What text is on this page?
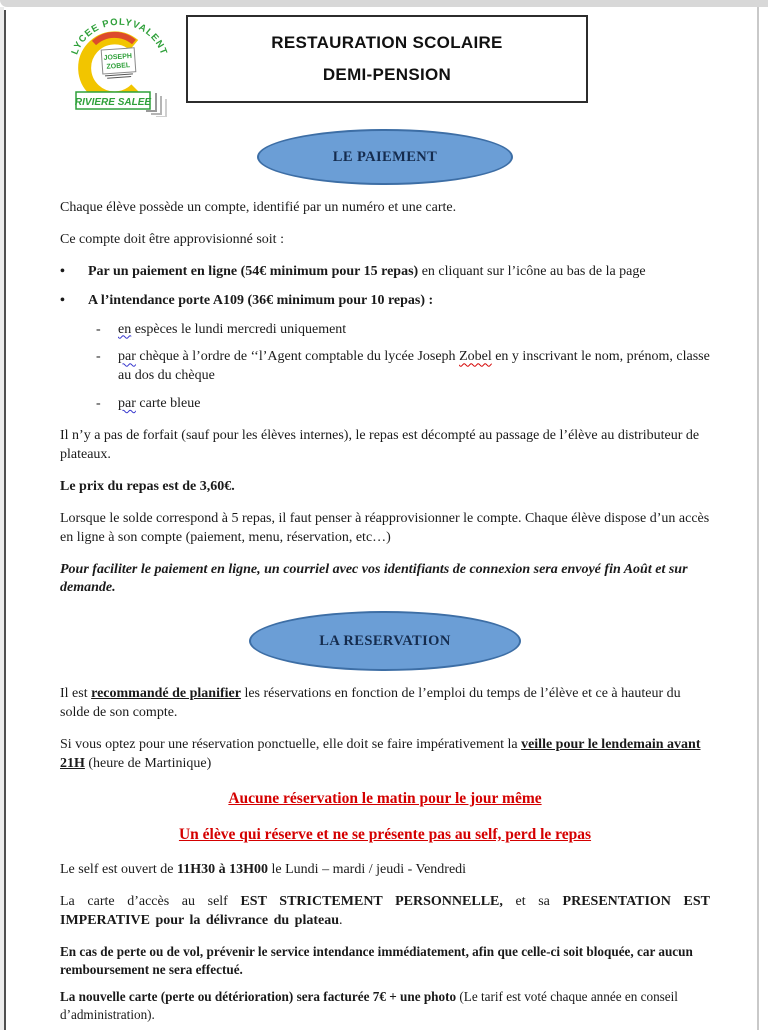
LYCEE POLYVALENT
JOSEPH
ZOBEL
RIVIERE SALEE
RESTAURATION SCOLAIRE
DEMI-PENSION
LE PAIEMENT
Chaque élève possède un compte, identifié par un numéro et une carte.
Ce compte doit être approvisionné soit :
•	Par un paiement en ligne (54€ minimum pour 15 repas) en cliquant sur l’icône au bas de la page
•	A l’intendance porte A109 (36€ minimum pour 10 repas) :
-	en espèces le lundi mercredi uniquement
-	par chèque à l’ordre de ‘‘l’Agent comptable du lycée Joseph Zobel en y inscrivant le nom, prénom, classe au dos du chèque
-	par carte bleue
Il n’y a pas de forfait (sauf pour les élèves internes), le repas est décompté au passage de l’élève au distributeur de plateaux.
Le prix du repas est de 3,60€.
Lorsque le solde correspond à 5 repas, il faut penser à réapprovisionner le compte. Chaque élève dispose d’un accès en ligne à son compte (paiement, menu, réservation, etc…)
Pour faciliter le paiement en ligne, un courriel avec vos identifiants de connexion sera envoyé fin Août et sur demande.
LA RESERVATION
Il est recommandé de planifier les réservations en fonction de l’emploi du temps de l’élève et ce à hauteur du solde de son compte.
Si vous optez pour une réservation ponctuelle, elle doit se faire impérativement la veille pour le lendemain avant 21H (heure de Martinique)
Aucune réservation le matin pour le jour même
Un élève qui réserve et ne se présente pas au self, perd le repas
Le self est ouvert de 11H30 à 13H00 le Lundi – mardi / jeudi - Vendredi
La carte d’accès au self EST STRICTEMENT PERSONNELLE, et sa PRESENTATION EST IMPERATIVE pour la délivrance du plateau.
En cas de perte ou de vol, prévenir le service intendance immédiatement, afin que celle-ci soit bloquée, car aucun remboursement ne sera effectué.
La nouvelle carte (perte ou détérioration) sera facturée 7€ + une photo (Le tarif est voté chaque année en conseil d’administration).
